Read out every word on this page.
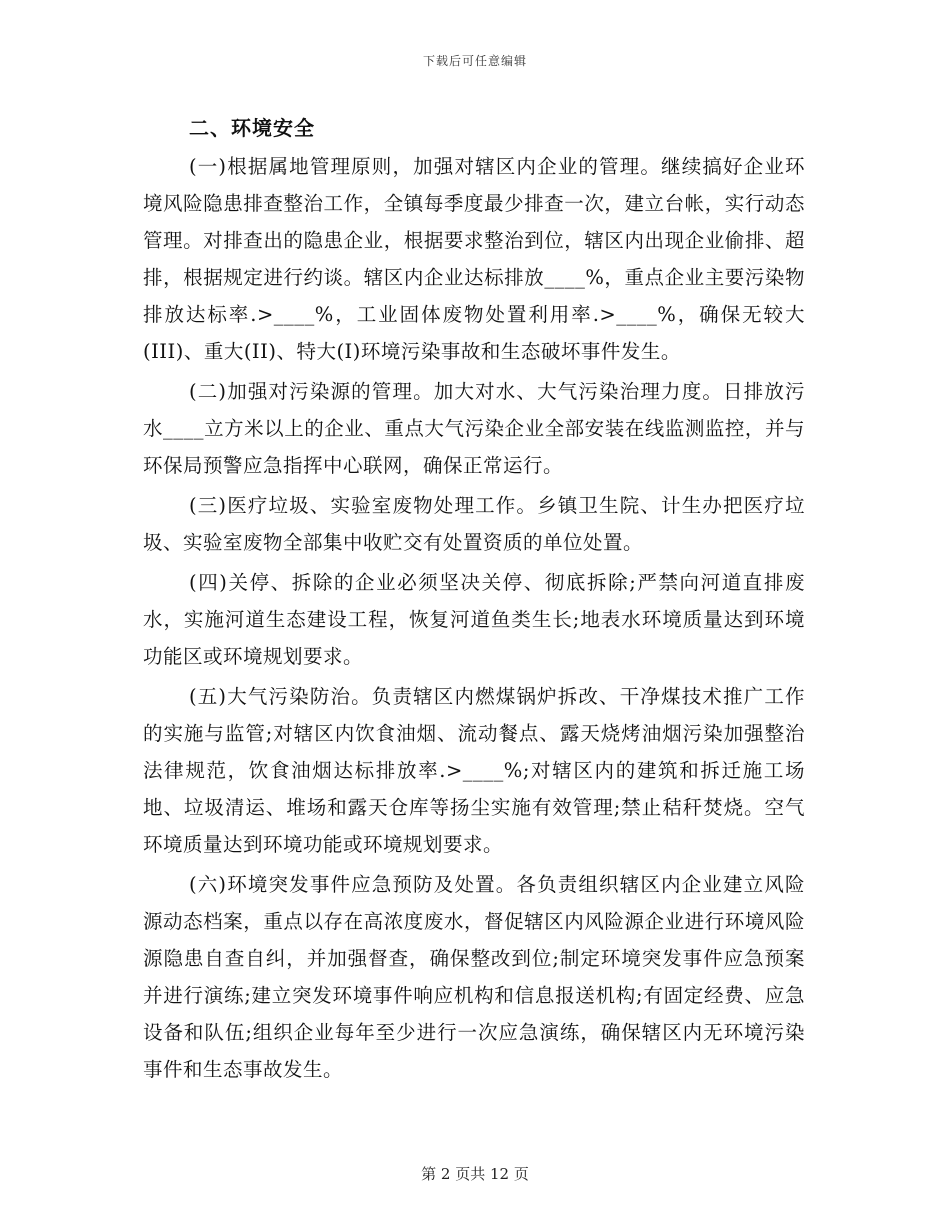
下载后可任意编辑
二、环境安全

(一)根据属地管理原则，加强对辖区内企业的管理。继续搞好企业环境风险隐患排查整治工作，全镇每季度最少排查一次，建立台帐，实行动态管理。对排查出的隐患企业，根据要求整治到位，辖区内出现企业偷排、超排，根据规定进行约谈。辖区内企业达标排放____%，重点企业主要污染物排放达标率.>____%，工业固体废物处置利用率.>____%，确保无较大(III)、重大(II)、特大(I)环境污染事故和生态破坏事件发生。

(二)加强对污染源的管理。加大对水、大气污染治理力度。日排放污水____立方米以上的企业、重点大气污染企业全部安装在线监测监控，并与环保局预警应急指挥中心联网，确保正常运行。

(三)医疗垃圾、实验室废物处理工作。乡镇卫生院、计生办把医疗垃圾、实验室废物全部集中收贮交有处置资质的单位处置。

(四)关停、拆除的企业必须坚决关停、彻底拆除;严禁向河道直排废水，实施河道生态建设工程，恢复河道鱼类生长;地表水环境质量达到环境功能区或环境规划要求。

(五)大气污染防治。负责辖区内燃煤锅炉拆改、干净煤技术推广工作的实施与监管;对辖区内饮食油烟、流动餐点、露天烧烤油烟污染加强整治法律规范，饮食油烟达标排放率.>____%;对辖区内的建筑和拆迁施工场地、垃圾清运、堆场和露天仓库等扬尘实施有效管理;禁止秸秆焚烧。空气环境质量达到环境功能或环境规划要求。

(六)环境突发事件应急预防及处置。各负责组织辖区内企业建立风险源动态档案，重点以存在高浓度废水，督促辖区内风险源企业进行环境风险源隐患自查自纠，并加强督查，确保整改到位;制定环境突发事件应急预案并进行演练;建立突发环境事件响应机构和信息报送机构;有固定经费、应急设备和队伍;组织企业每年至少进行一次应急演练，确保辖区内无环境污染事件和生态事故发生。

第 2 页共 12 页
